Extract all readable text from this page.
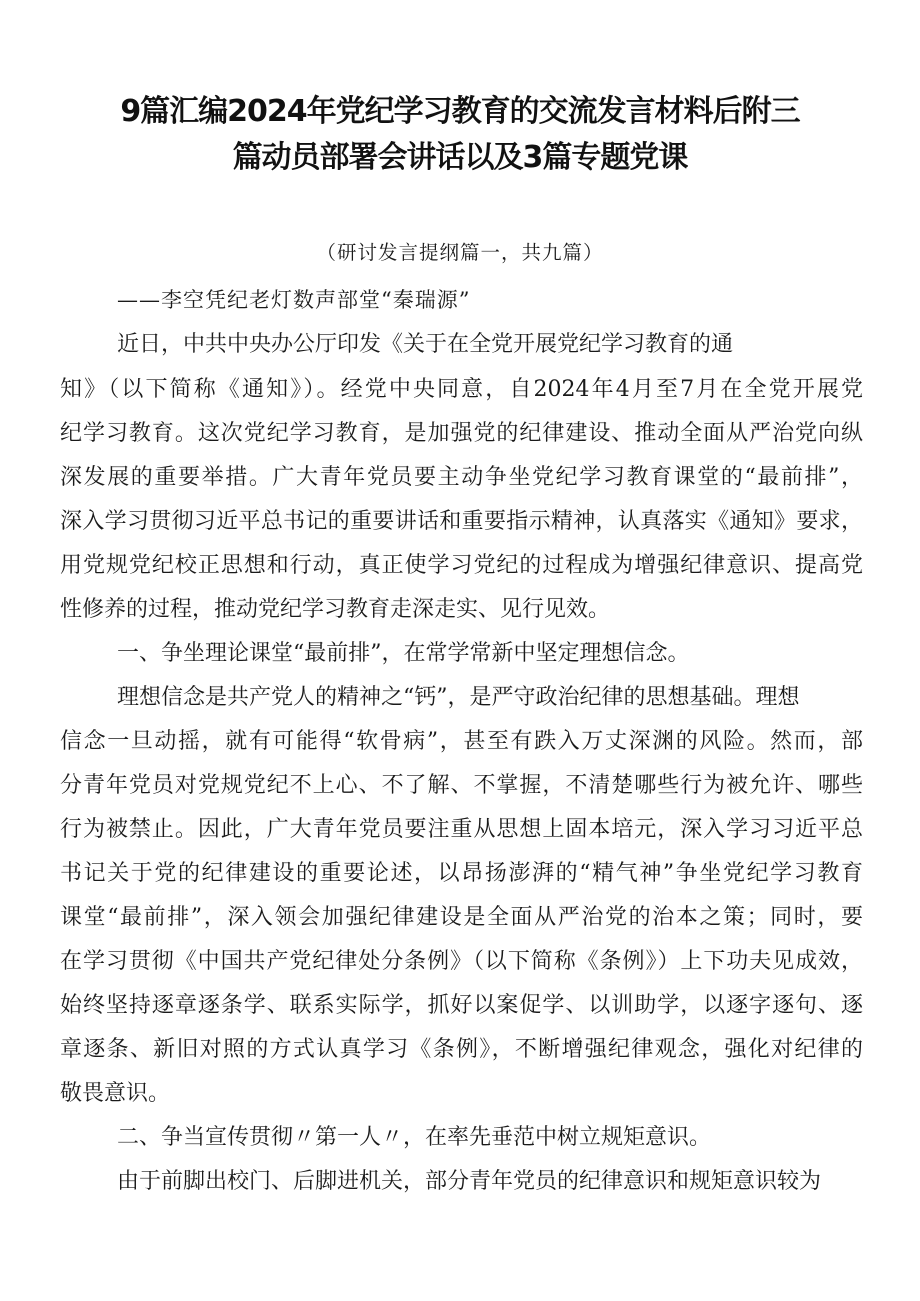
9篇汇编2024年党纪学习教育的交流发言材料后附三
篇动员部署会讲话以及3篇专题党课

（研讨发言提纲篇一，共九篇）

——李空凭纪老灯数声部堂“秦瑞源”

近日，中共中央办公厅印发《关于在全党开展党纪学习教育的通

知》（以下简称《通知》）。经党中央同意，自2024年4月至7月在全党开展党

纪学习教育。这次党纪学习教育，是加强党的纪律建设、推动全面从严治党向纵

深发展的重要举措。广大青年党员要主动争坐党纪学习教育课堂的“最前排”，

深入学习贯彻习近平总书记的重要讲话和重要指示精神，认真落实《通知》要求，

用党规党纪校正思想和行动，真正使学习党纪的过程成为增强纪律意识、提高党

性修养的过程，推动党纪学习教育走深走实、见行见效。

一、争坐理论课堂“最前排”，在常学常新中坚定理想信念。

理想信念是共产党人的精神之“钙”，是严守政治纪律的思想基础。理想

信念一旦动摇，就有可能得“软骨病”，甚至有跌入万丈深渊的风险。然而，部

分青年党员对党规党纪不上心、不了解、不掌握，不清楚哪些行为被允许、哪些

行为被禁止。因此，广大青年党员要注重从思想上固本培元，深入学习习近平总

书记关于党的纪律建设的重要论述，以昂扬澎湃的“精气神”争坐党纪学习教育

课堂“最前排”，深入领会加强纪律建设是全面从严治党的治本之策；同时，要

在学习贯彻《中国共产党纪律处分条例》（以下简称《条例》）上下功夫见成效，

始终坚持逐章逐条学、联系实际学，抓好以案促学、以训助学，以逐字逐句、逐

章逐条、新旧对照的方式认真学习《条例》，不断增强纪律观念，强化对纪律的

敬畏意识。

二、争当宣传贯彻〃第一人〃，在率先垂范中树立规矩意识。

由于前脚出校门、后脚进机关，部分青年党员的纪律意识和规矩意识较为
